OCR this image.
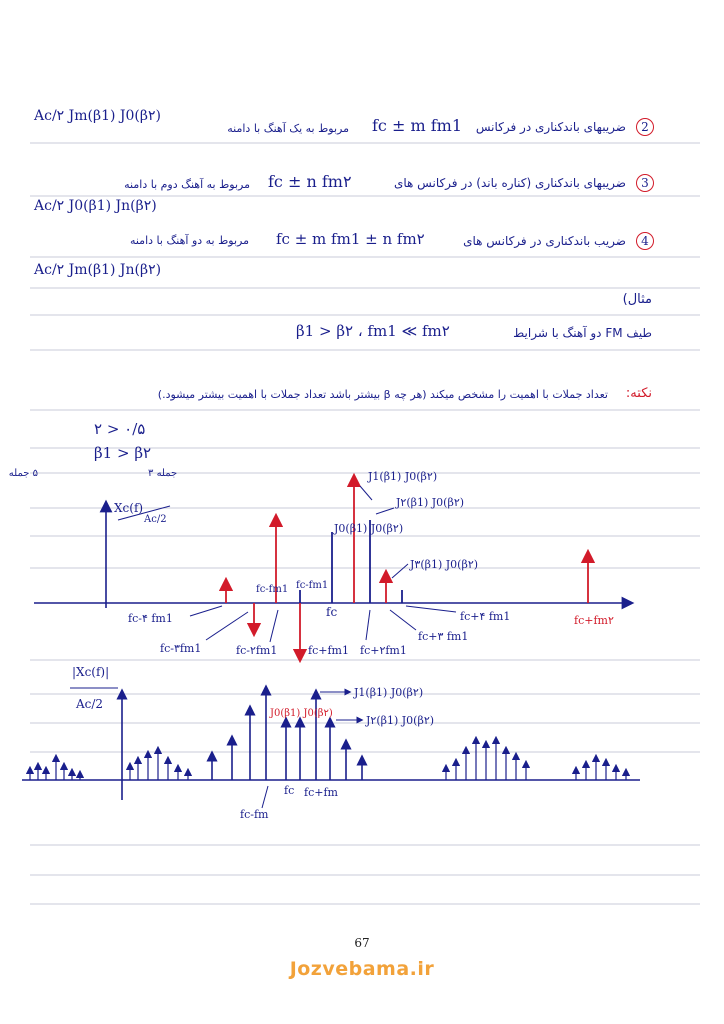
Ac/۲ Jm(β1) J0(β۲)	fc ± m fm1
مربوط به یک آهنگ با دامنه	ضریبهای باندکناری در فرکانس	2
Ac/۲ J0(β1) Jn(β۲)
fc ± n fm۲
مربوط به آهنگ دوم با دامنه	ضریبهای باندکناری (کناره باند) در فرکانس های	3
fc ± m fm1 ± n fm۲
مربوط به دو آهنگ با دامنه	ضریب باندکناری در فرکانس های	4
Ac/۲ Jm(β1) Jn(β۲)
مثال)
β1 > β۲ ، fm1 ≪ fm۲	طیف FM دو آهنگ با شرایط
نکته:
تعداد جملات با اهمیت را مشخص میکند (هر چه β بیشتر باشد تعداد جملات با اهمیت بیشتر میشود.)
۲ > ۰/۵
β1 > β۲
Xc(f)
Ac/2
۵ جمله	۳ جمله
fc
fc-fm1
fc-fm1
fc-۴ fm1
fc-۳fm1	fc-۲fm1	fc+fm1 fc+۲fm1
fc+۳ fm1
fc+۴ fm1	fc+fm۲
J1(β1) J0(β۲)
J۲(β1) J0(β۲)
J0(β1) J0(β۲)
J۳(β1) J0(β۲)
|Xc(f)|
Ac/2
J0(β1) J0(β۲)
J1(β1) J0(β۲)
J۲(β1) J0(β۲)
fc fc+fm
fc-fm
67
Jozvebama.ir
